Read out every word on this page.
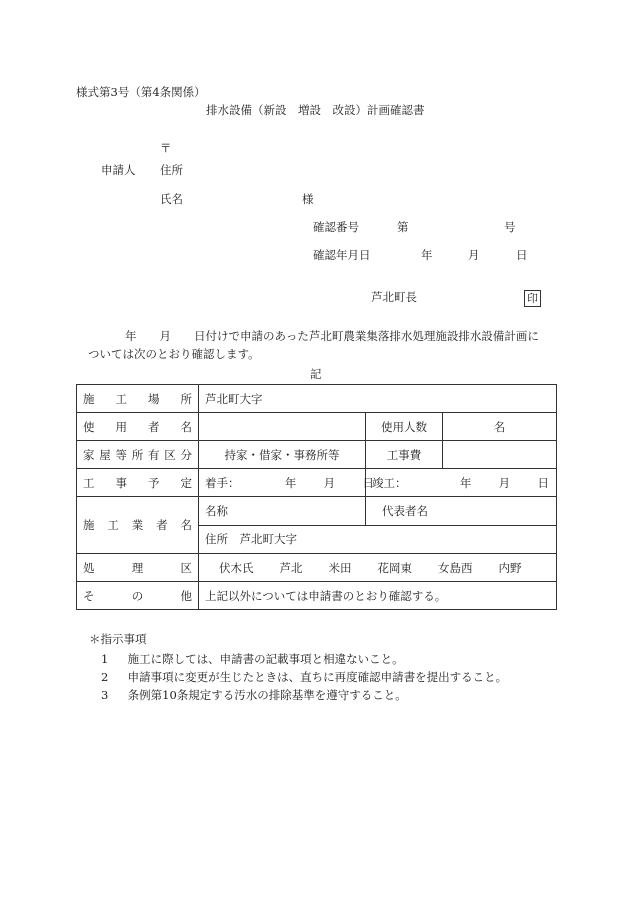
様式第3号（第4条関係）
排水設備（新設　増設　改設）計画確認書
〒
申請人 住所
氏名	様
確認番号	第	号
確認年月日	年	月	日
芦北町長	印
年　　月　　日付けで申請のあった芦北町農業集落排水処理施設排水設備計画に
ついては次のとおり確認します。
記
施工場所	芦北町大字		
使用者名		使用人数	名
家屋等所有区分	持家・借家・事務所等	工事費	
工事予定	着手： 年 月 日	竣工： 年 月 日	
施工業者名	名称	代表者名	
	住所　芦北町大字		
処理区	伏木氏 芦北 米田 花岡東 女島西 内野		
その他	上記以外については申請書のとおり確認する。		
＊指示事項
1 施工に際しては、申請書の記載事項と相違ないこと。
2 申請事項に変更が生じたときは、直ちに再度確認申請書を提出すること。
3 条例第10条規定する汚水の排除基準を遵守すること。
